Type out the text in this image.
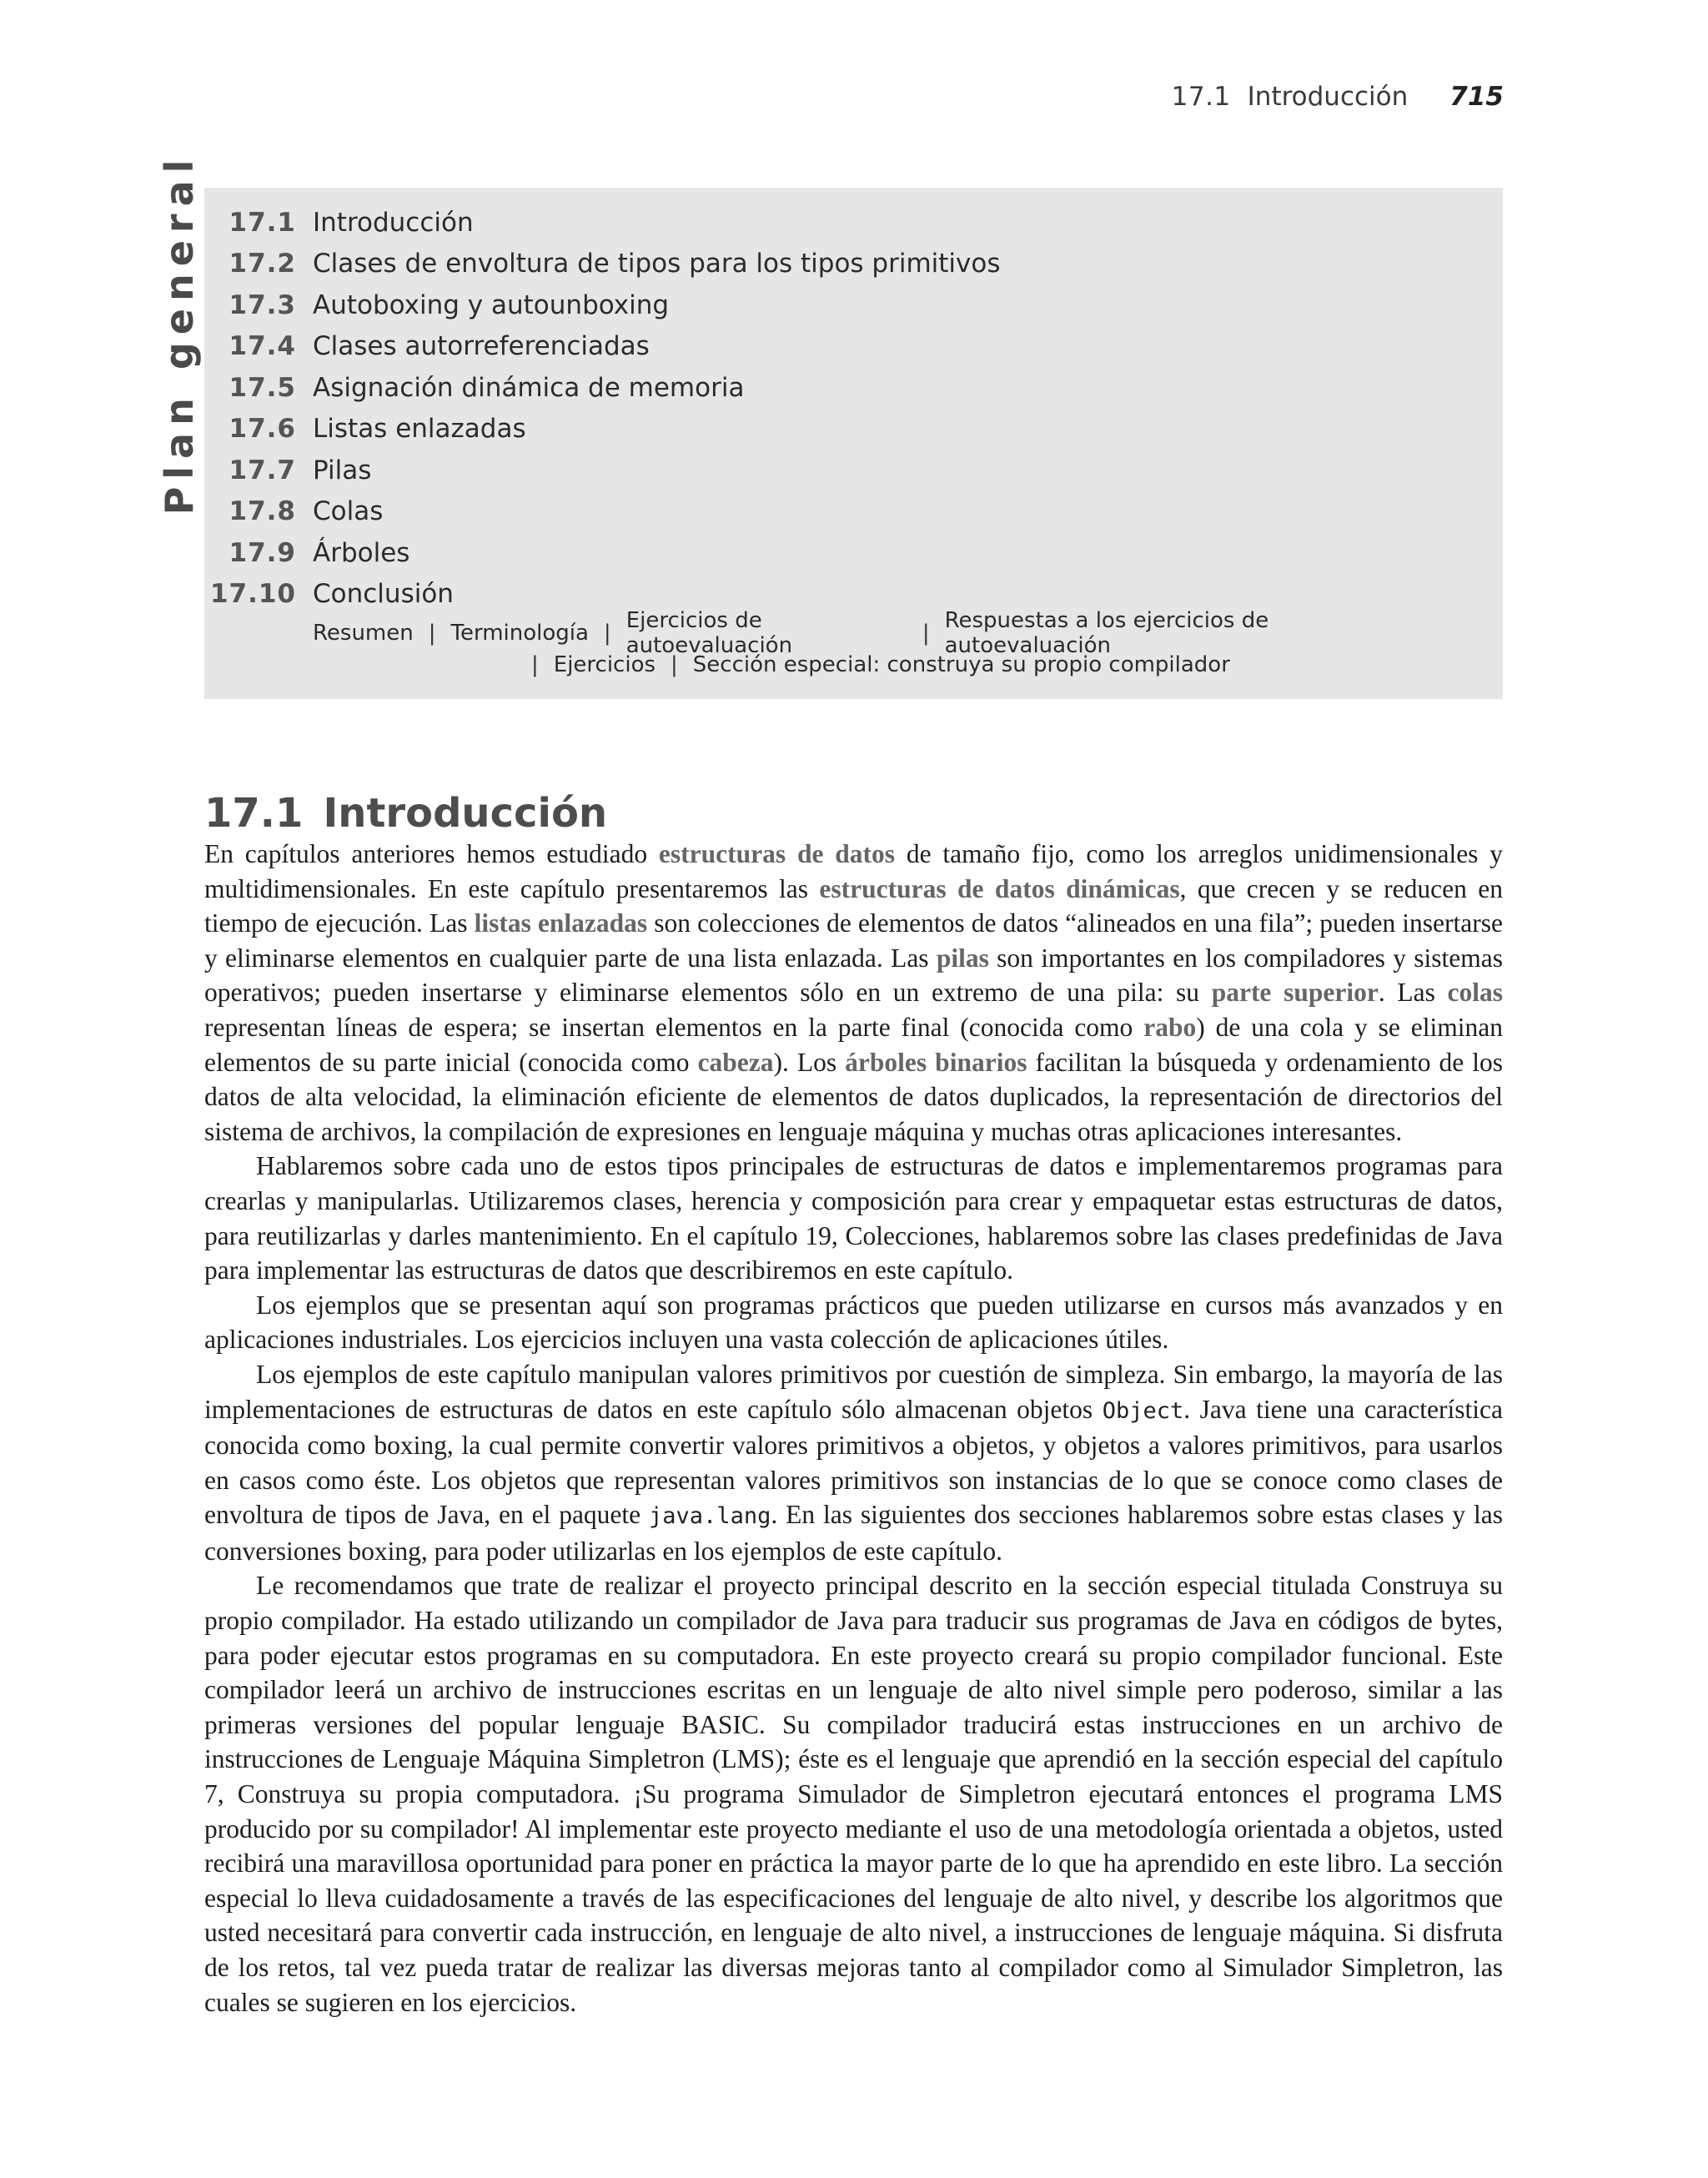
17.1 Introducción 715
Plan general	17.1 Introducción
17.2 Clases de envoltura de tipos para los tipos primitivos
17.3 Autoboxing y autounboxing
17.4 Clases autorreferenciadas
17.5 Asignación dinámica de memoria
17.6 Listas enlazadas
17.7 Pilas
17.8 Colas
17.9 Árboles
17.10 Conclusión
Resumen | Terminología | Ejercicios de autoevaluación	| Respuestas a los ejercicios de autoevaluación
| Ejercicios | Sección especial: construya su propio compilador
17.1 Introducción

En capítulos anteriores hemos estudiado estructuras de datos de tamaño fijo, como los arreglos unidimensionales y multidimensionales. En este capítulo presentaremos las estructuras de datos dinámicas, que crecen y se reducen en tiempo de ejecución. Las listas enlazadas son colecciones de elementos de datos “alineados en una fila”; pueden insertarse y eliminarse elementos en cualquier parte de una lista enlazada. Las pilas son importantes en los compiladores y sistemas operativos; pueden insertarse y eliminarse elementos sólo en un extremo de una pila: su parte superior. Las colas representan líneas de espera; se insertan elementos en la parte final (conocida como rabo) de una cola y se eliminan elementos de su parte inicial (conocida como cabeza). Los árboles binarios facilitan la búsqueda y ordenamiento de los datos de alta velocidad, la eliminación eficiente de elementos de datos duplicados, la representación de directorios del sistema de archivos, la compilación de expresiones en lenguaje máquina y muchas otras aplicaciones interesantes.

Hablaremos sobre cada uno de estos tipos principales de estructuras de datos e implementaremos programas para crearlas y manipularlas. Utilizaremos clases, herencia y composición para crear y empaquetar estas estructuras de datos, para reutilizarlas y darles mantenimiento. En el capítulo 19, Colecciones, hablaremos sobre las clases predefinidas de Java para implementar las estructuras de datos que describiremos en este capítulo.

Los ejemplos que se presentan aquí son programas prácticos que pueden utilizarse en cursos más avanzados y en aplicaciones industriales. Los ejercicios incluyen una vasta colección de aplicaciones útiles.

Los ejemplos de este capítulo manipulan valores primitivos por cuestión de simpleza. Sin embargo, la mayoría de las implementaciones de estructuras de datos en este capítulo sólo almacenan objetos Object. Java tiene una característica conocida como boxing, la cual permite convertir valores primitivos a objetos, y objetos a valores primitivos, para usarlos en casos como éste. Los objetos que representan valores primitivos son instancias de lo que se conoce como clases de envoltura de tipos de Java, en el paquete java.lang. En las siguientes dos secciones hablaremos sobre estas clases y las conversiones boxing, para poder utilizarlas en los ejemplos de este capítulo.

Le recomendamos que trate de realizar el proyecto principal descrito en la sección especial titulada Construya su propio compilador. Ha estado utilizando un compilador de Java para traducir sus programas de Java en códigos de bytes, para poder ejecutar estos programas en su computadora. En este proyecto creará su propio compilador funcional. Este compilador leerá un archivo de instrucciones escritas en un lenguaje de alto nivel simple pero poderoso, similar a las primeras versiones del popular lenguaje BASIC. Su compilador traducirá estas instrucciones en un archivo de instrucciones de Lenguaje Máquina Simpletron (LMS); éste es el lenguaje que aprendió en la sección especial del capítulo 7, Construya su propia computadora. ¡Su programa Simulador de Simpletron ejecutará entonces el programa LMS producido por su compilador! Al implementar este proyecto mediante el uso de una metodología orientada a objetos, usted recibirá una maravillosa oportunidad para poner en práctica la mayor parte de lo que ha aprendido en este libro. La sección especial lo lleva cuidadosamente a través de las especificaciones del lenguaje de alto nivel, y describe los algoritmos que usted necesitará para convertir cada instrucción, en lenguaje de alto nivel, a instrucciones de lenguaje máquina. Si disfruta de los retos, tal vez pueda tratar de realizar las diversas mejoras tanto al compilador como al Simulador Simpletron, las cuales se sugieren en los ejercicios.
